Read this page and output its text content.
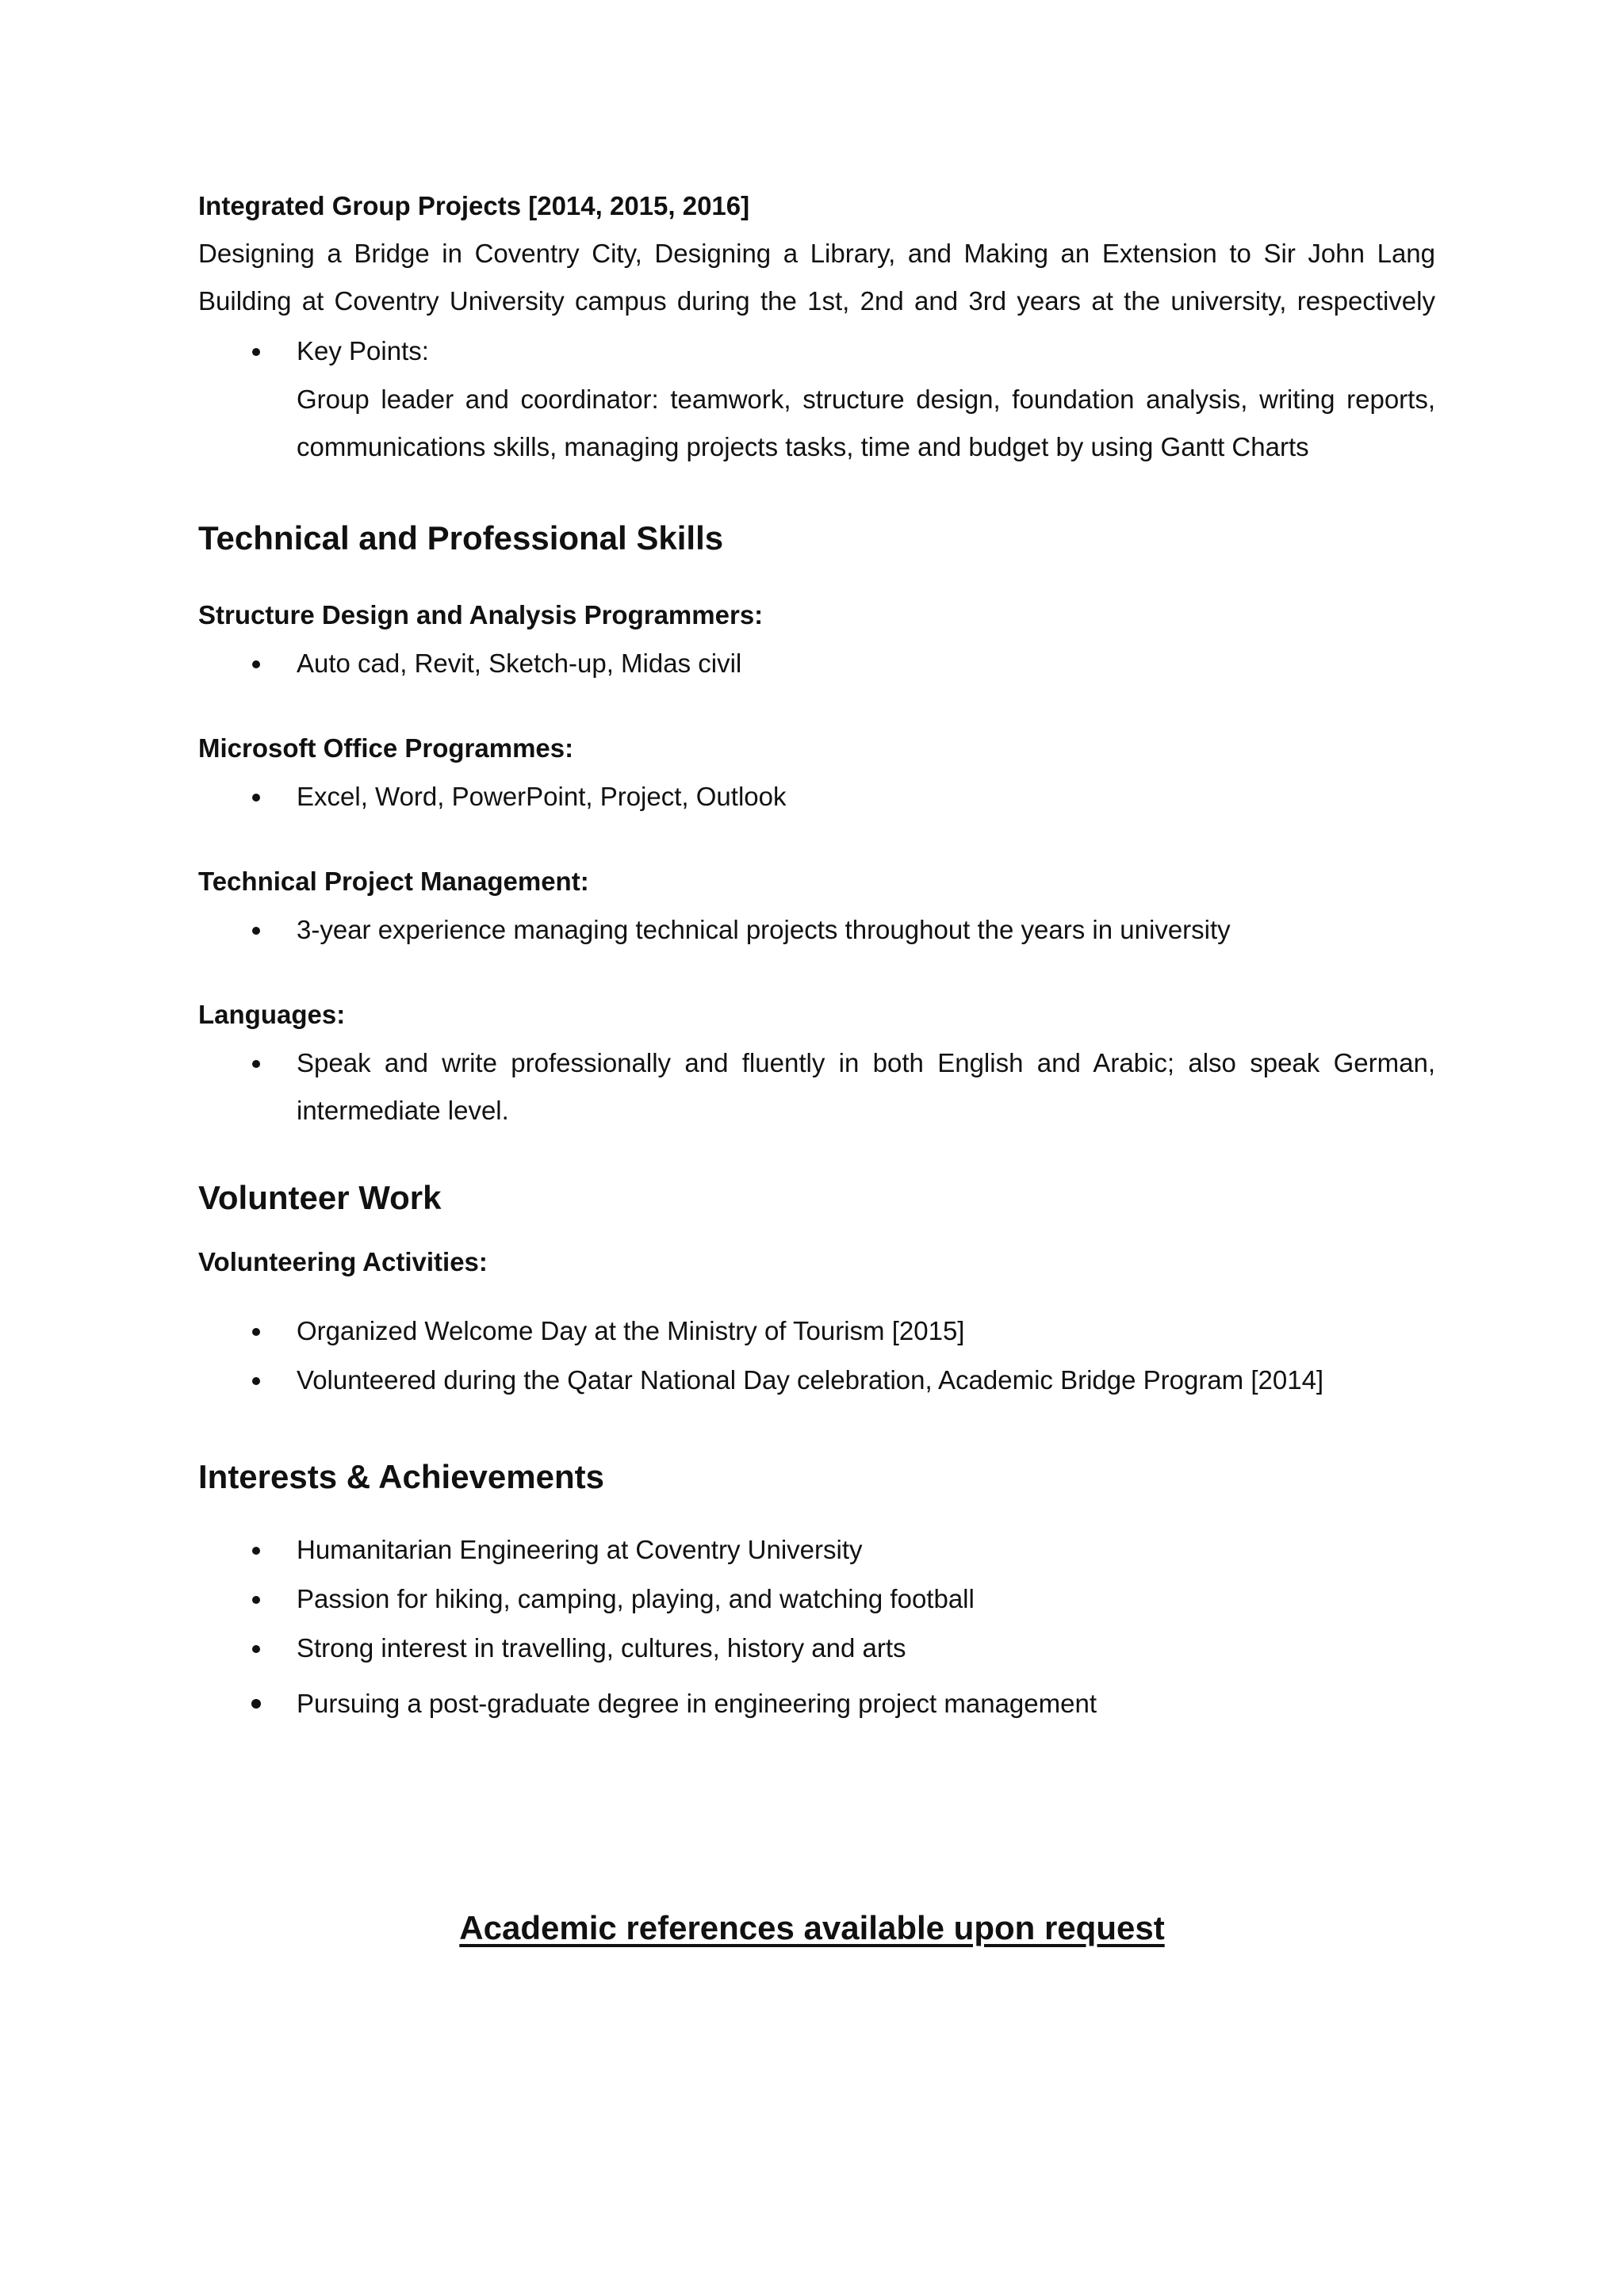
Integrated Group Projects [2014, 2015, 2016]

Designing a Bridge in Coventry City, Designing a Library, and Making an Extension to Sir John Lang

Building at Coventry University campus during the 1st, 2nd and 3rd years at the university, respectively

Key Points:
Group leader and coordinator: teamwork, structure design, foundation analysis, writing reports,
communications skills, managing projects tasks, time and budget by using Gantt Charts

Technical and Professional Skills

Structure Design and Analysis Programmers:

Auto cad, Revit, Sketch-up, Midas civil

Microsoft Office Programmes:

Excel, Word, PowerPoint, Project, Outlook

Technical Project Management:

3-year experience managing technical projects throughout the years in university

Languages:

Speak and write professionally and fluently in both English and Arabic; also speak German,
intermediate level.

Volunteer Work

Volunteering Activities:

Organized Welcome Day at the Ministry of Tourism [2015]
Volunteered during the Qatar National Day celebration, Academic Bridge Program [2014]

Interests & Achievements

Humanitarian Engineering at Coventry University
Passion for hiking, camping, playing, and watching football
Strong interest in travelling, cultures, history and arts
Pursuing a post-graduate degree in engineering project management
Academic references available upon request
